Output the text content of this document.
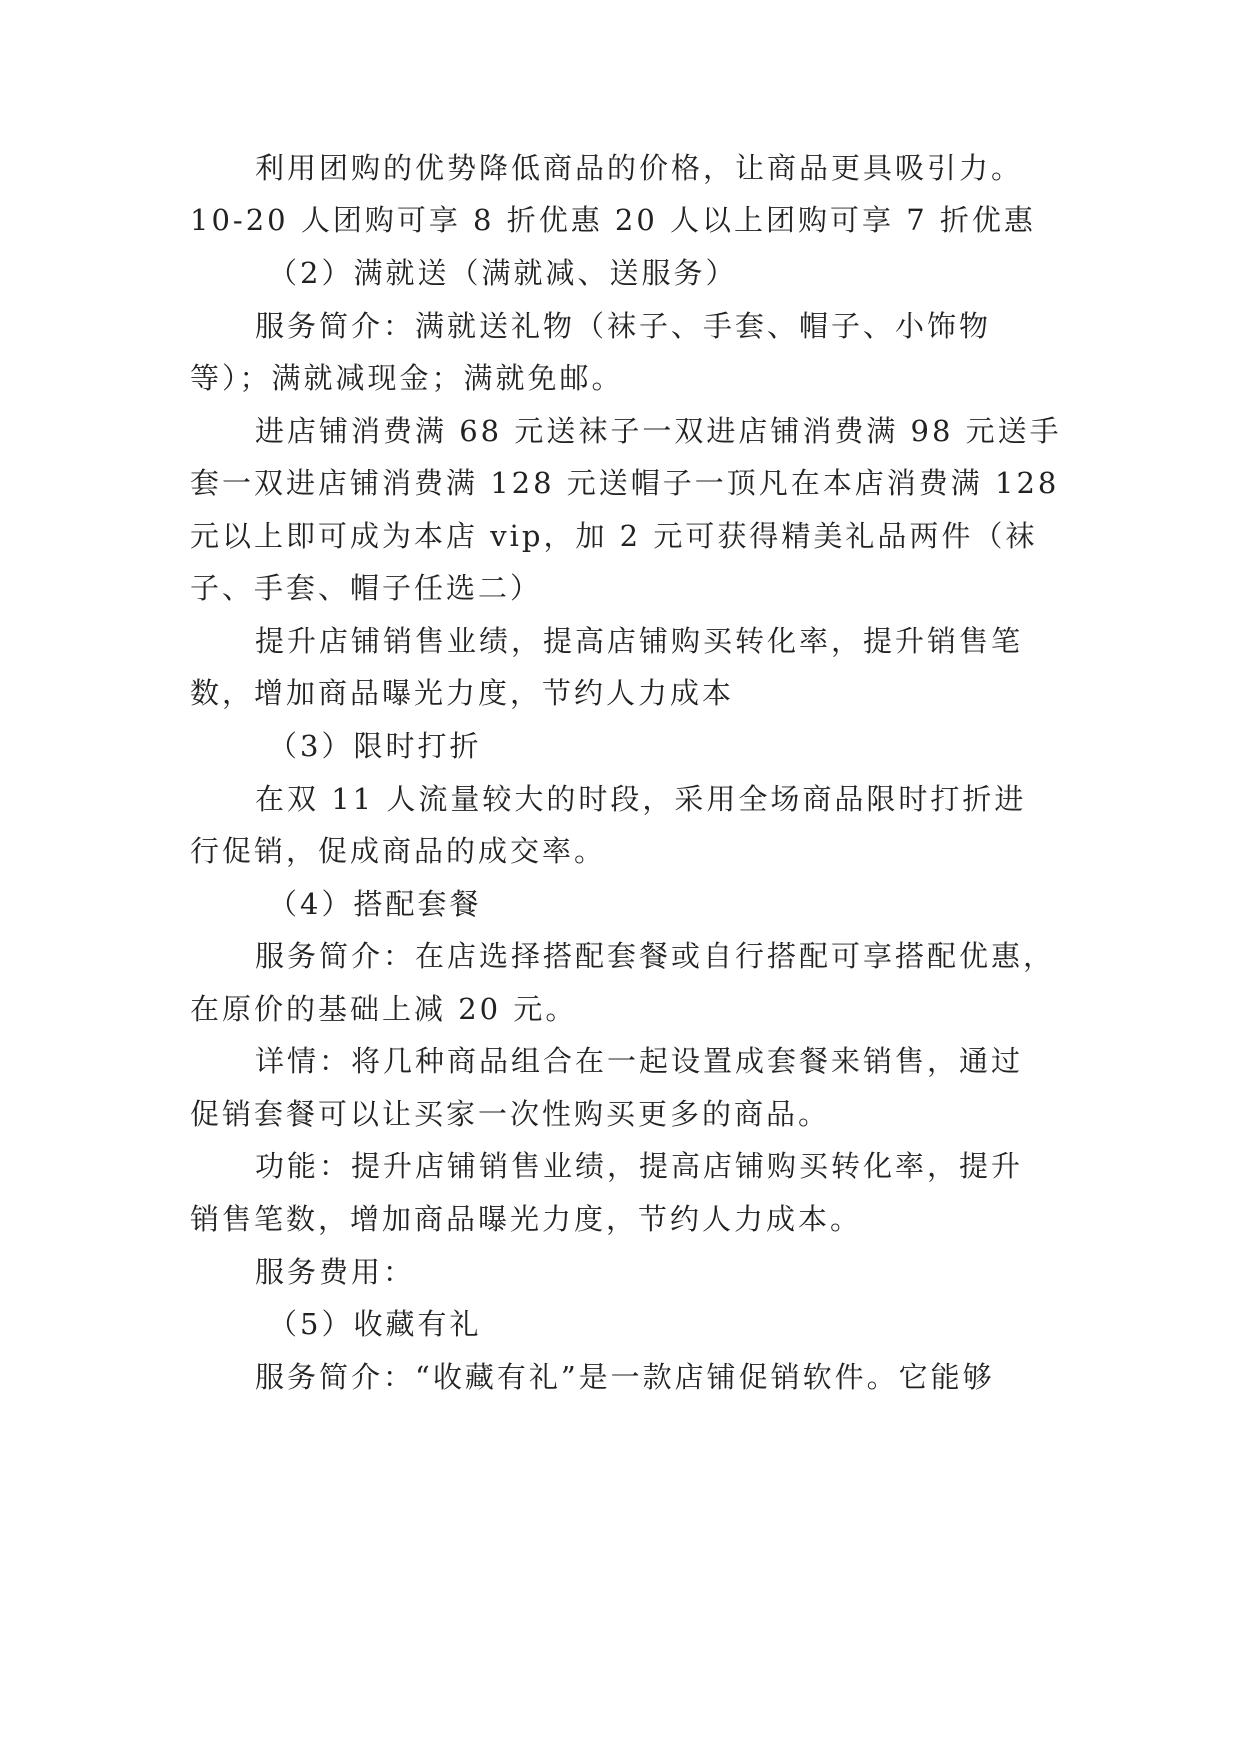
利用团购的优势降低商品的价格，让商品更具吸引力。
10-20 人团购可享 8 折优惠 20 人以上团购可享 7 折优惠
（2）满就送（满就减、送服务）
服务简介：满就送礼物（袜子、手套、帽子、小饰物
等）；满就减现金；满就免邮。
进店铺消费满 68 元送袜子一双进店铺消费满 98 元送手
套一双进店铺消费满 128 元送帽子一顶凡在本店消费满 128
元以上即可成为本店 vip，加 2 元可获得精美礼品两件（袜
子、手套、帽子任选二）
提升店铺销售业绩，提高店铺购买转化率，提升销售笔
数，增加商品曝光力度，节约人力成本
（3）限时打折
在双 11 人流量较大的时段，采用全场商品限时打折进
行促销，促成商品的成交率。
（4）搭配套餐
服务简介：在店选择搭配套餐或自行搭配可享搭配优惠，
在原价的基础上减 20 元。
详情：将几种商品组合在一起设置成套餐来销售，通过
促销套餐可以让买家一次性购买更多的商品。
功能：提升店铺销售业绩，提高店铺购买转化率，提升
销售笔数，增加商品曝光力度，节约人力成本。
服务费用：
（5）收藏有礼
服务简介：“收藏有礼”是一款店铺促销软件。它能够
